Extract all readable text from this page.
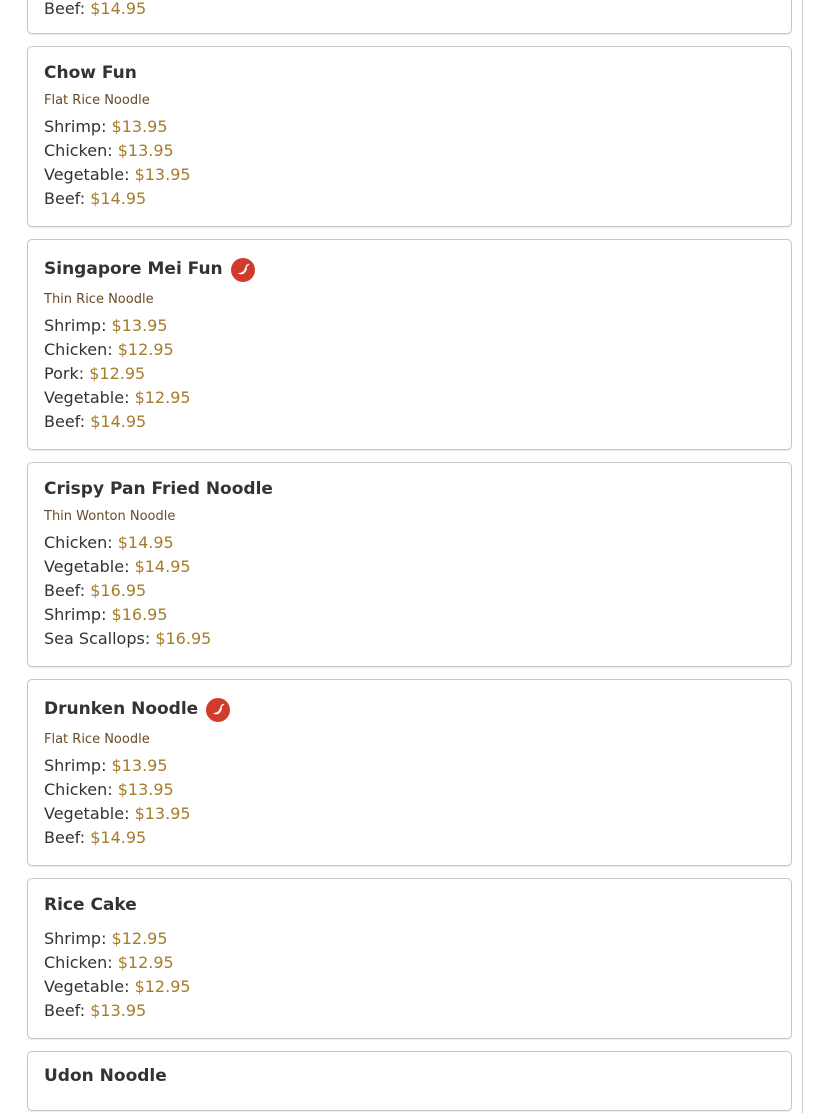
Beef: $14.95
Chow Fun
Flat Rice Noodle
Shrimp: $13.95
Chicken: $13.95
Vegetable: $13.95
Beef: $14.95
Singapore Mei Fun
Thin Rice Noodle
Shrimp: $13.95
Chicken: $12.95
Pork: $12.95
Vegetable: $12.95
Beef: $14.95
Crispy Pan Fried Noodle
Thin Wonton Noodle
Chicken: $14.95
Vegetable: $14.95
Beef: $16.95
Shrimp: $16.95
Sea Scallops: $16.95
Drunken Noodle
Flat Rice Noodle
Shrimp: $13.95
Chicken: $13.95
Vegetable: $13.95
Beef: $14.95
Rice Cake
Shrimp: $12.95
Chicken: $12.95
Vegetable: $12.95
Beef: $13.95
Udon Noodle
